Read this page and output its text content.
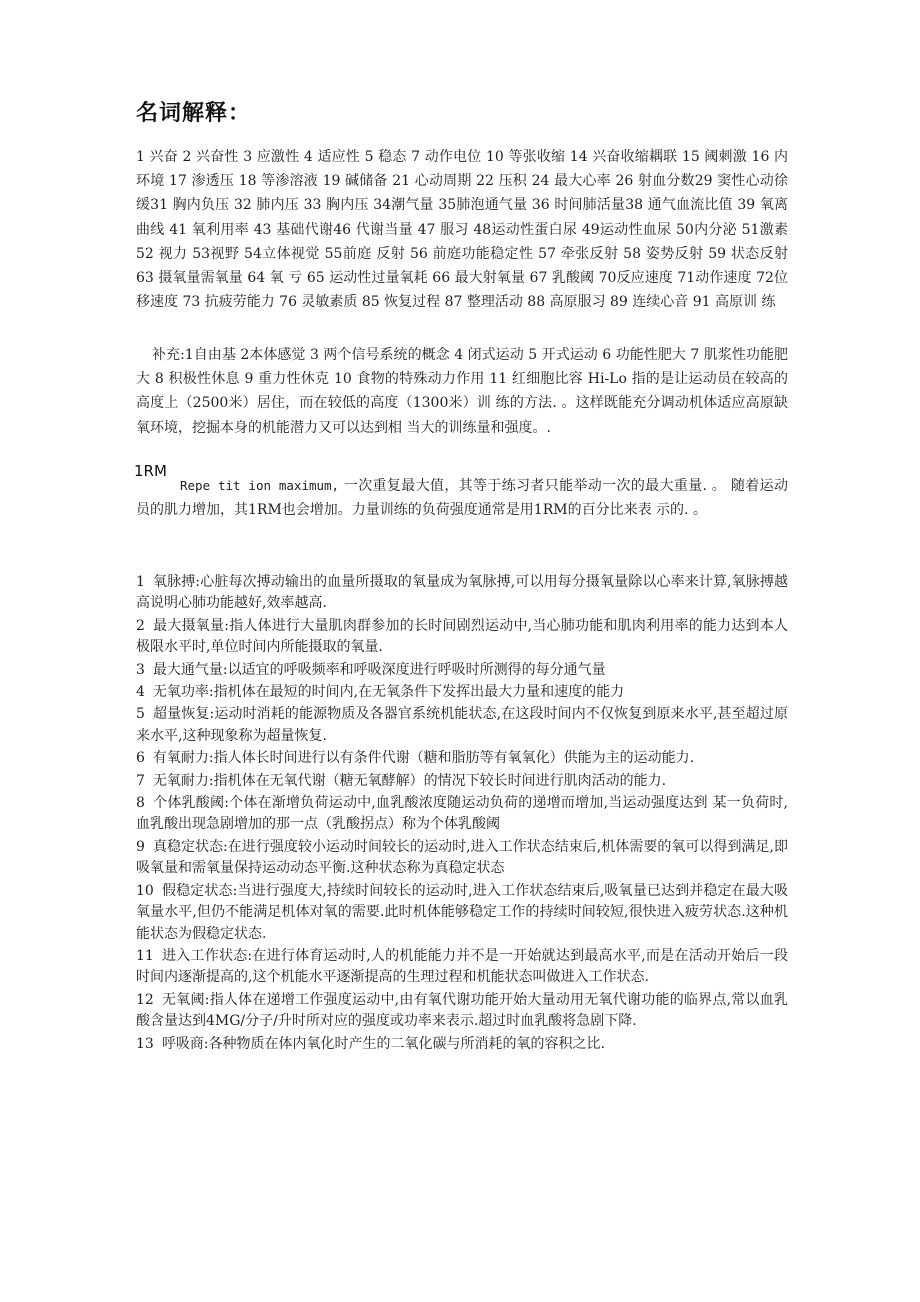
名词解释：

1 兴奋 2 兴奋性 3 应激性 4 适应性 5 稳态 7 动作电位 10 等张收缩 14 兴奋收缩耦联 15 阈刺激 16 内环境 17 渗透压 18 等渗溶液 19 碱储备 21 心动周期 22 压积 24 最大心率 26 射血分数29 窦性心动徐缓31 胸内负压 32 肺内压 33 胸内压 34潮气量 35肺泡通气量 36 时间肺活量38 通气血流比值 39 氧离曲线 41 氧利用率 43 基础代谢46 代谢当量 47 服习 48运动性蛋白尿 49运动性血尿 50内分泌 51激素 52 视力 53视野 54立体视觉 55前庭 反射 56 前庭功能稳定性 57 牵张反射 58 姿势反射 59 状态反射 63 摄氧量需氧量 64 氧 亏 65 运动性过量氧耗 66 最大射氧量 67 乳酸阈 70反应速度 71动作速度 72位移速度 73 抗疲劳能力 76 灵敏素质 85 恢复过程 87 整理活动 88 高原服习 89 连续心音 91 高原训 练

补充:1自由基 2本体感觉 3 两个信号系统的概念 4 闭式运动 5 开式运动 6 功能性肥大 7 肌浆性功能肥大 8 积极性休息 9 重力性休克 10 食物的特殊动力作用 11 红细胞比容 Hi-Lo 指的是让运动员在较高的高度上（2500米）居住，而在较低的高度（1300米）训 练的方法. 。这样既能充分调动机体适应高原缺氧环境，挖掘本身的机能潜力又可以达到相 当大的训练量和强度。.

1RM

Repe tit ion maximum, 一次重复最大值，其等于练习者只能举动一次的最大重量. 。 随着运动员的肌力增加，其1RM也会增加。力量训练的负荷强度通常是用1RM的百分比来表 示的. 。

1 氧脉搏:心脏每次搏动输出的血量所摄取的氧量成为氧脉搏,可以用每分摄氧量除以心率来计算,氧脉搏越高说明心肺功能越好,效率越高.

2 最大摄氧量:指人体进行大量肌肉群参加的长时间剧烈运动中,当心肺功能和肌肉利用率的能力达到本人极限水平时,单位时间内所能摄取的氧量.

3 最大通气量:以适宜的呼吸频率和呼吸深度进行呼吸时所测得的每分通气量

4 无氧功率:指机体在最短的时间内,在无氧条件下发挥出最大力量和速度的能力

5 超量恢复:运动时消耗的能源物质及各器官系统机能状态,在这段时间内不仅恢复到原来水平,甚至超过原来水平,这种现象称为超量恢复.

6 有氧耐力:指人体长时间进行以有条件代谢（糖和脂肪等有氧氧化）供能为主的运动能力.

7 无氧耐力:指机体在无氧代谢（糖无氧酵解）的情况下较长时间进行肌肉活动的能力.

8 个体乳酸阈:个体在渐增负荷运动中,血乳酸浓度随运动负荷的递增而增加,当运动强度达到 某一负荷时,血乳酸出现急剧增加的那一点（乳酸拐点）称为个体乳酸阈

9 真稳定状态:在进行强度较小运动时间较长的运动时,进入工作状态结束后,机体需要的氧可以得到满足,即吸氧量和需氧量保持运动动态平衡.这种状态称为真稳定状态

10 假稳定状态:当进行强度大,持续时间较长的运动时,进入工作状态结束后,吸氧量已达到并稳定在最大吸氧量水平,但仍不能满足机体对氧的需要.此时机体能够稳定工作的持续时间较短,很快进入疲劳状态.这种机能状态为假稳定状态.

11 进入工作状态:在进行体育运动时,人的机能能力并不是一开始就达到最高水平,而是在活动开始后一段时间内逐渐提高的,这个机能水平逐渐提高的生理过程和机能状态叫做进入工作状态.

12 无氧阈:指人体在递增工作强度运动中,由有氧代谢功能开始大量动用无氧代谢功能的临界点,常以血乳酸含量达到4MG/分子/升时所对应的强度或功率来表示.超过时血乳酸将急剧下降.

13 呼吸商:各种物质在体内氧化时产生的二氧化碳与所消耗的氧的容积之比.
